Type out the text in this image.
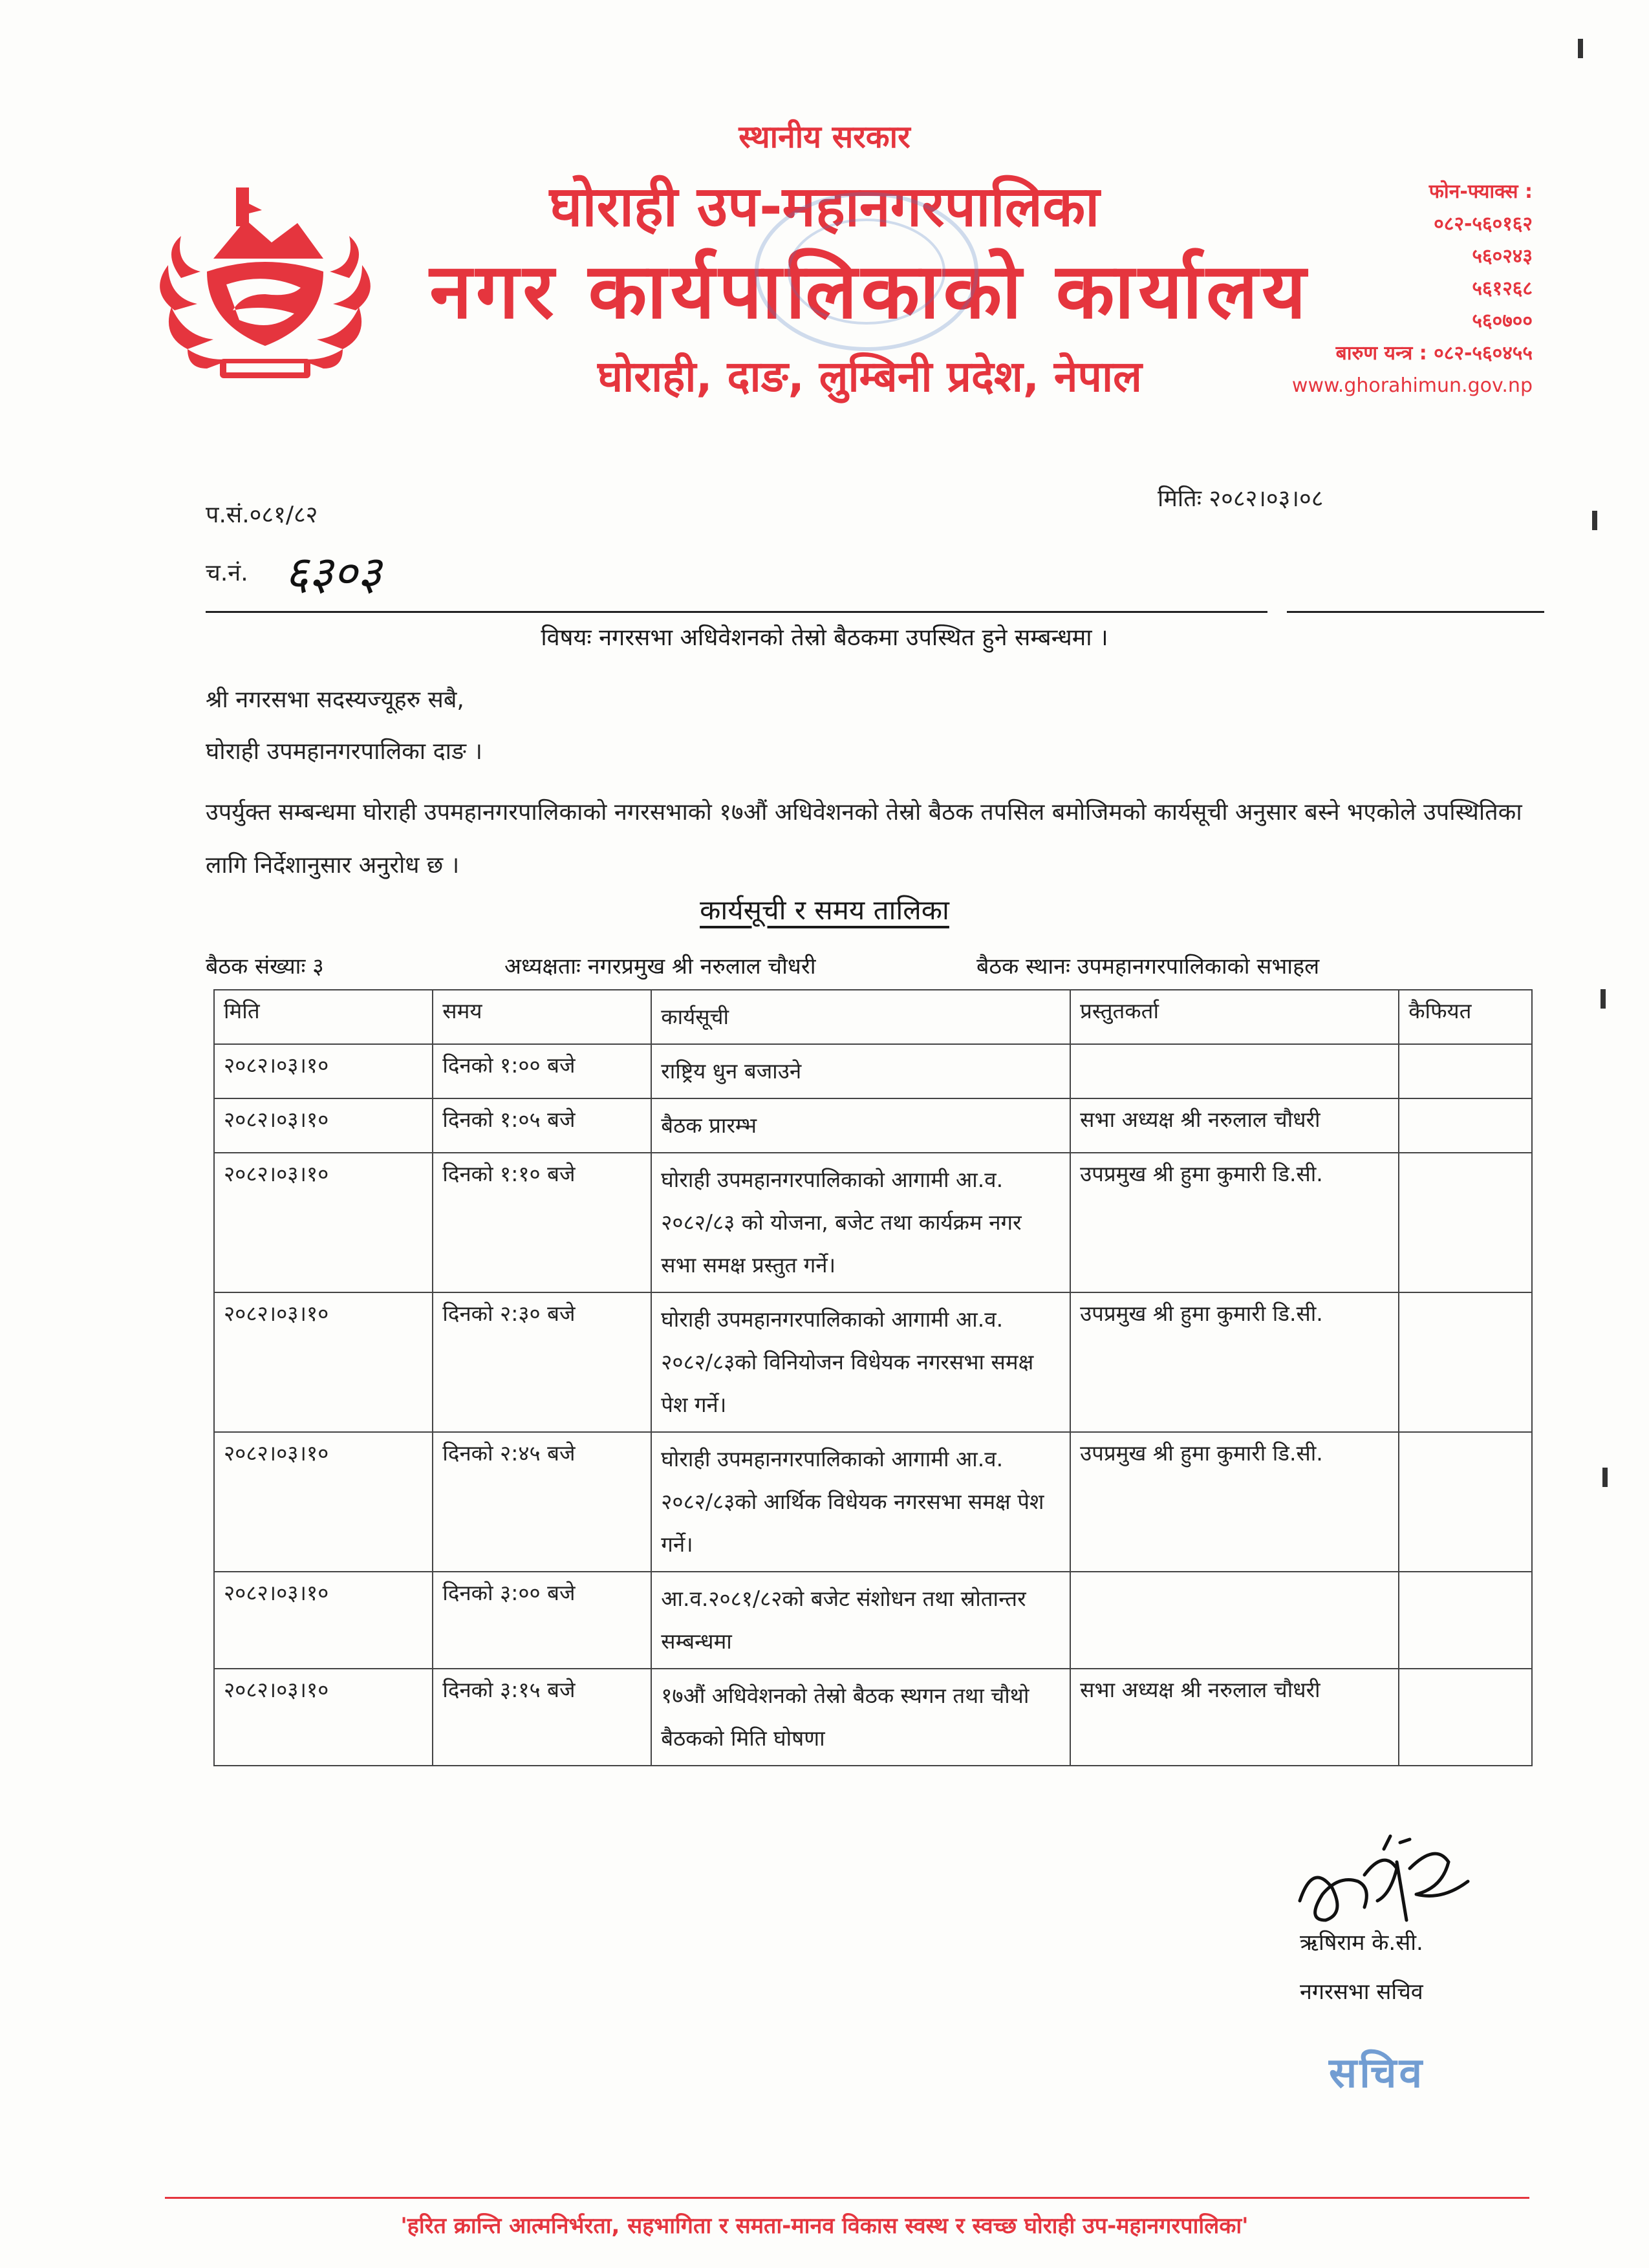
स्थानीय सरकार
घोराही उप-महानगरपालिका
नगर कार्यपालिकाको कार्यालय
घोराही, दाङ, लुम्बिनी प्रदेश, नेपाल
फोन-फ्याक्स :
०८२-५६०१६२
५६०२४३
५६१२६८
५६०७००
बारुण यन्त्र : ०८२-५६०४५५
www.ghorahimun.gov.np
प.सं.०८१/८२
च.नं. ६३०३
मितिः २०८२।०३।०८
विषयः नगरसभा अधिवेशनको तेस्रो बैठकमा उपस्थित हुने सम्बन्धमा ।
श्री नगरसभा सदस्यज्यूहरु सबै,
घोराही उपमहानगरपालिका दाङ ।
उपर्युक्त सम्बन्धमा घोराही उपमहानगरपालिकाको नगरसभाको १७औं अधिवेशनको तेस्रो बैठक तपसिल बमोजिमको कार्यसूची अनुसार बस्ने भएकोले उपस्थितिका लागि निर्देशानुसार अनुरोध छ ।
कार्यसूची र समय तालिका
बैठक संख्याः ३	अध्यक्षताः नगरप्रमुख श्री नरुलाल चौधरी	बैठक स्थानः उपमहानगरपालिकाको सभाहल
मिति	समय	कार्यसूची	प्रस्तुतकर्ता	कैफियत
२०८२।०३।१०	दिनको १:०० बजे	राष्ट्रिय धुन बजाउने		
२०८२।०३।१०	दिनको १:०५ बजे	बैठक प्रारम्भ	सभा अध्यक्ष श्री नरुलाल चौधरी	
२०८२।०३।१०	दिनको १:१० बजे	घोराही उपमहानगरपालिकाको आगामी आ.व. २०८२/८३ को योजना, बजेट तथा कार्यक्रम नगर सभा समक्ष प्रस्तुत गर्ने।	उपप्रमुख श्री हुमा कुमारी डि.सी.	
२०८२।०३।१०	दिनको २:३० बजे	घोराही उपमहानगरपालिकाको आगामी आ.व. २०८२/८३को विनियोजन विधेयक नगरसभा समक्ष पेश गर्ने।	उपप्रमुख श्री हुमा कुमारी डि.सी.	
२०८२।०३।१०	दिनको २:४५ बजे	घोराही उपमहानगरपालिकाको आगामी आ.व. २०८२/८३को आर्थिक विधेयक नगरसभा समक्ष पेश गर्ने।	उपप्रमुख श्री हुमा कुमारी डि.सी.	
२०८२।०३।१०	दिनको ३:०० बजे	आ.व.२०८१/८२को बजेट संशोधन तथा स्रोतान्तर सम्बन्धमा		
२०८२।०३।१०	दिनको ३:१५ बजे	१७औं अधिवेशनको तेस्रो बैठक स्थगन तथा चौथो बैठकको मिति घोषणा	सभा अध्यक्ष श्री नरुलाल चौधरी	
ऋषिराम के.सी.
नगरसभा सचिव
सचिव
'हरित क्रान्ति आत्मनिर्भरता, सहभागिता र समता-मानव विकास स्वस्थ र स्वच्छ घोराही उप-महानगरपालिका'
